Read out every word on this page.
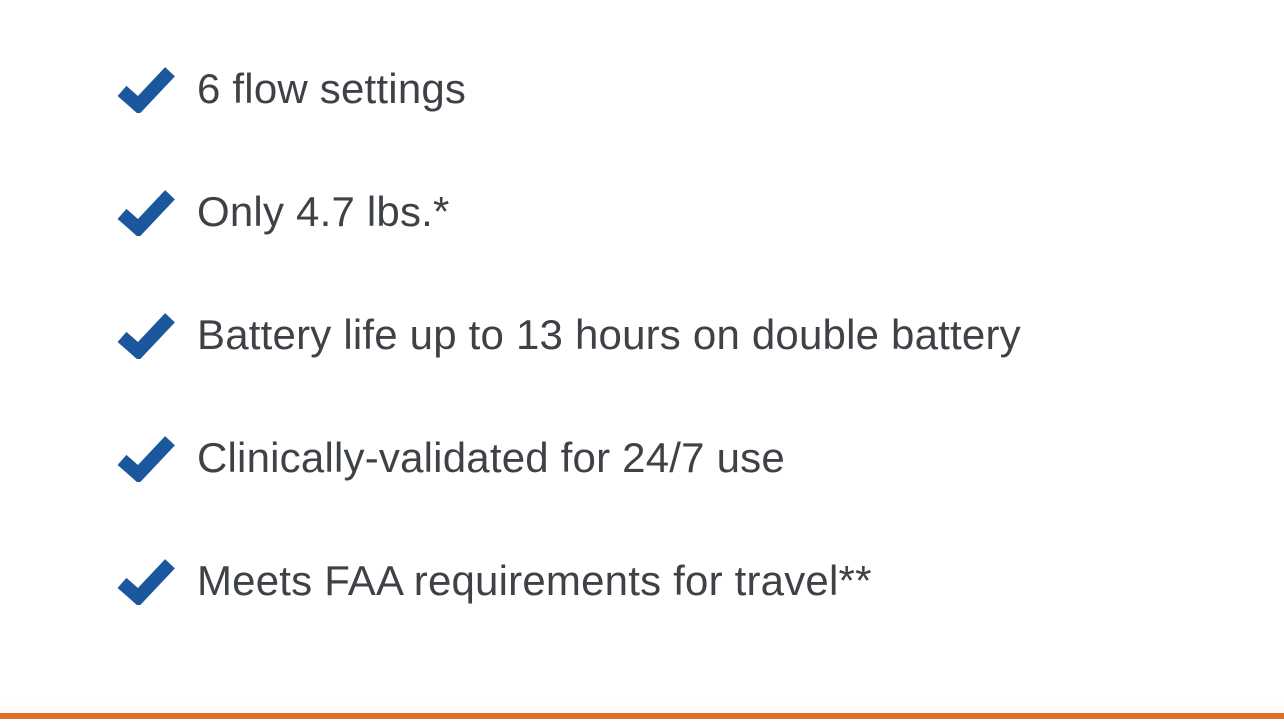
6 flow settings
Only 4.7 lbs.*
Battery life up to 13 hours on double battery
Clinically-validated for 24/7 use
Meets FAA requirements for travel**
